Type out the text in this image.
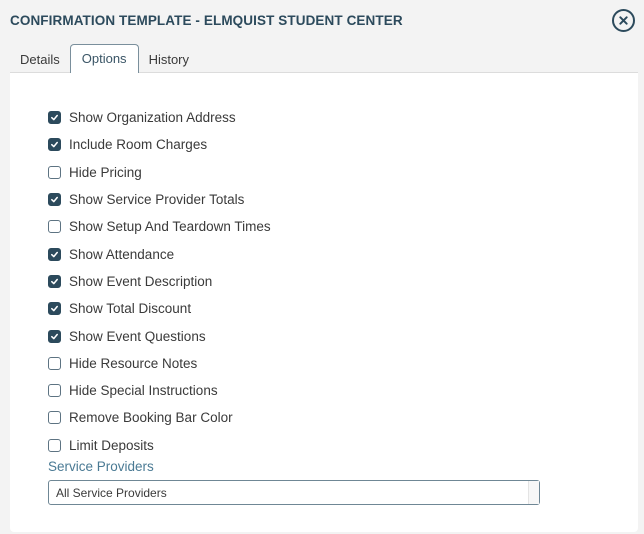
CONFIRMATION TEMPLATE - ELMQUIST STUDENT CENTER
Details	Options	History
Show Organization Address
Include Room Charges
Hide Pricing
Show Service Provider Totals
Show Setup And Teardown Times
Show Attendance
Show Event Description
Show Total Discount
Show Event Questions
Hide Resource Notes
Hide Special Instructions
Remove Booking Bar Color
Limit Deposits
Service Providers
All Service Providers
